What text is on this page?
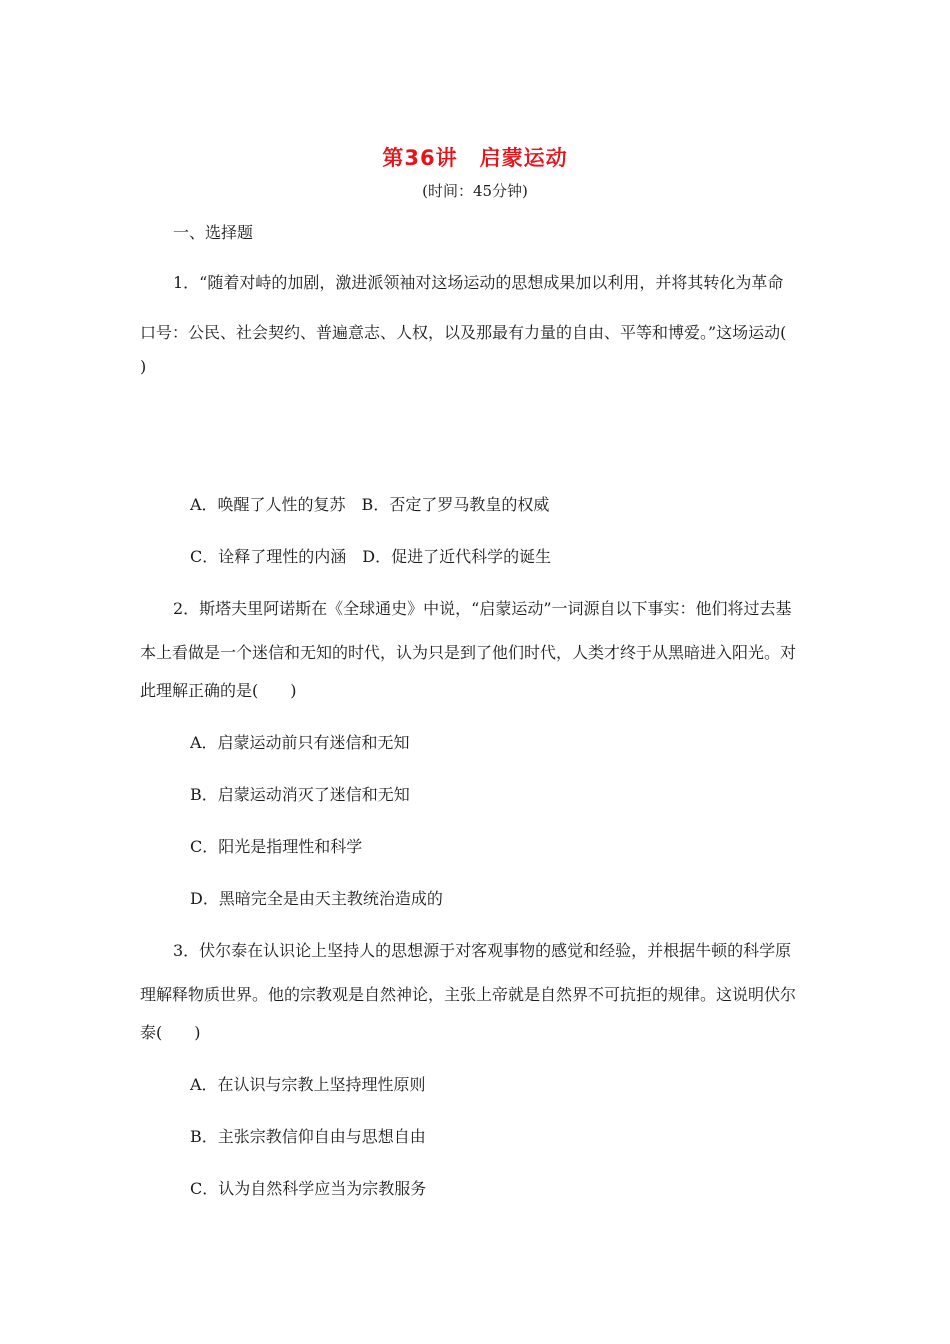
第36讲　启蒙运动
(时间：45分钟)
一、选择题
1．“随着对峙的加剧，激进派领袖对这场运动的思想成果加以利用，并将其转化为革命
口号：公民、社会契约、普遍意志、人权，以及那最有力量的自由、平等和博爱。”这场运动(
)
A．唤醒了人性的复苏　B．否定了罗马教皇的权威
C．诠释了理性的内涵　D．促进了近代科学的诞生
2．斯塔夫里阿诺斯在《全球通史》中说，“启蒙运动”一词源自以下事实：他们将过去基
本上看做是一个迷信和无知的时代，认为只是到了他们时代，人类才终于从黑暗进入阳光。对
此理解正确的是(　　)
A．启蒙运动前只有迷信和无知
B．启蒙运动消灭了迷信和无知
C．阳光是指理性和科学
D．黑暗完全是由天主教统治造成的
3．伏尔泰在认识论上坚持人的思想源于对客观事物的感觉和经验，并根据牛顿的科学原
理解释物质世界。他的宗教观是自然神论，主张上帝就是自然界不可抗拒的规律。这说明伏尔
泰(　　)
A．在认识与宗教上坚持理性原则
B．主张宗教信仰自由与思想自由
C．认为自然科学应当为宗教服务
